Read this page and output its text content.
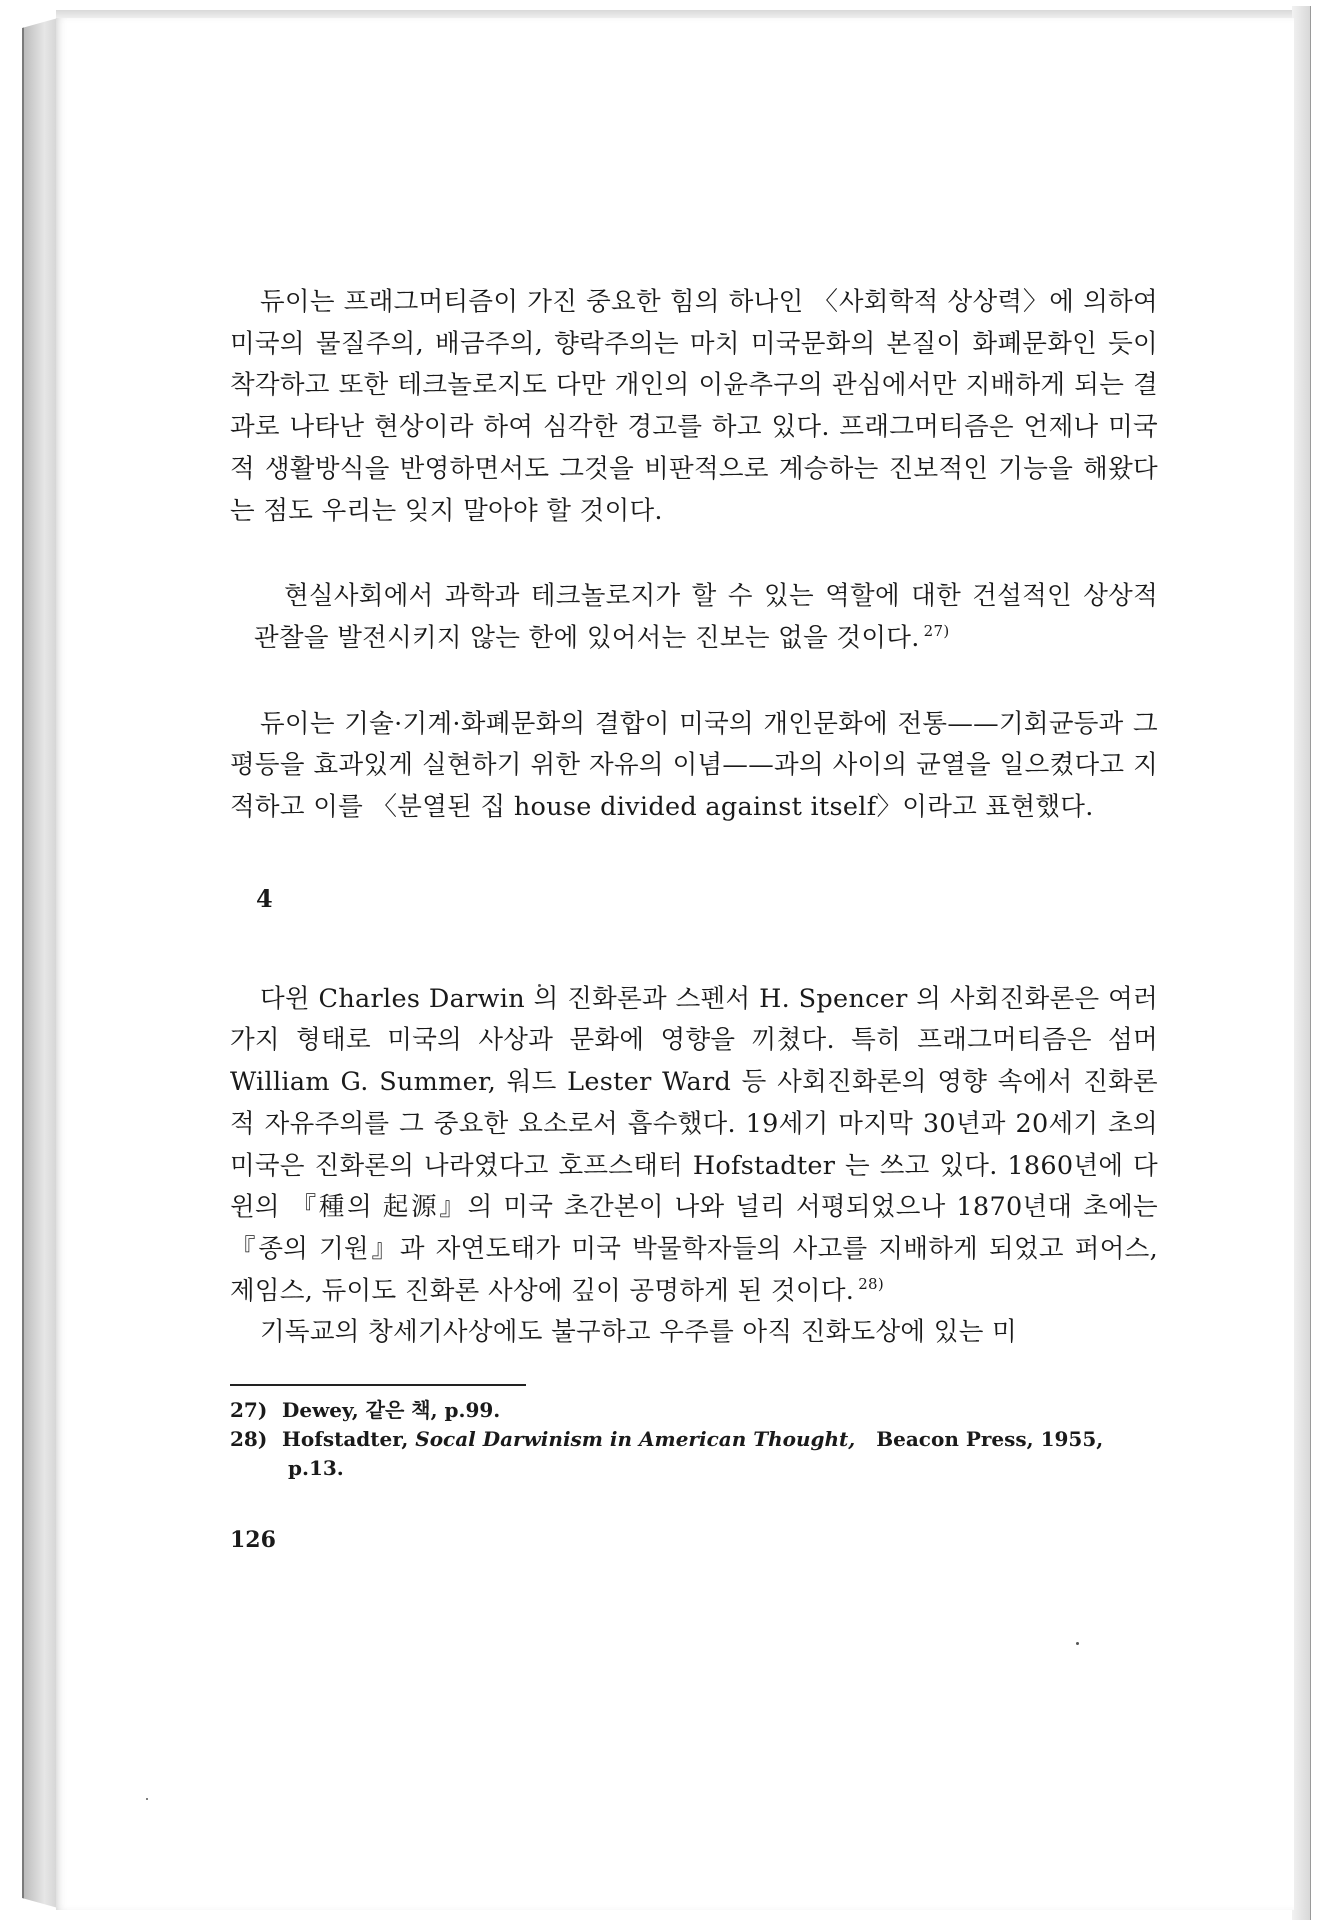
듀이는 프래그머티즘이 가진 중요한 힘의 하나인 〈사회학적 상상력〉에 의하여 미국의 물질주의, 배금주의, 향락주의는 마치 미국문화의 본질이 화폐문화인 듯이 착각하고 또한 테크놀로지도 다만 개인의 이윤추구의 관심에서만 지배하게 되는 결과로 나타난 현상이라 하여 심각한 경고를 하고 있다. 프래그머티즘은 언제나 미국적 생활방식을 반영하면서도 그것을 비판적으로 계승하는 진보적인 기능을 해왔다는 점도 우리는 잊지 말아야 할 것이다.

현실사회에서 과학과 테크놀로지가 할 수 있는 역할에 대한 건설적인 상상적 관찰을 발전시키지 않는 한에 있어서는 진보는 없을 것이다. $^{27)}$

듀이는 기술·기계·화폐문화의 결합이 미국의 개인문화에 전통——기회균등과 그 평등을 효과있게 실현하기 위한 자유의 이념——과의 사이의 균열을 일으켰다고 지적하고 이를 〈분열된 집 house divided against itself〉이라고 표현했다.

4

다윈 Charles Darwin 의 진화론과 스펜서 H. Spencer 의 사회진화론은 여러 가지 형태로 미국의 사상과 문화에 영향을 끼쳤다. 특히 프래그머티즘은 섬머 William G. Summer, 워드 Lester Ward 등 사회진화론의 영향 속에서 진화론적 자유주의를 그 중요한 요소로서 흡수했다. 19세기 마지막 30년과 20세기 초의 미국은 진화론의 나라였다고 호프스태터 Hofstadter 는 쓰고 있다. 1860년에 다윈의 『種의 起源』의 미국 초간본이 나와 널리 서평되었으나 1870년대 초에는 『종의 기원』과 자연도태가 미국 박물학자들의 사고를 지배하게 되었고 퍼어스, 제임스, 듀이도 진화론 사상에 깊이 공명하게 된 것이다. $^{28)}$

기독교의 창세기사상에도 불구하고 우주를 아직 진화도상에 있는 미

27) Dewey, 같은 책, p.99.

28) Hofstadter, Socal Darwinism in American Thought, Beacon Press, 1955,

p.13.

126
